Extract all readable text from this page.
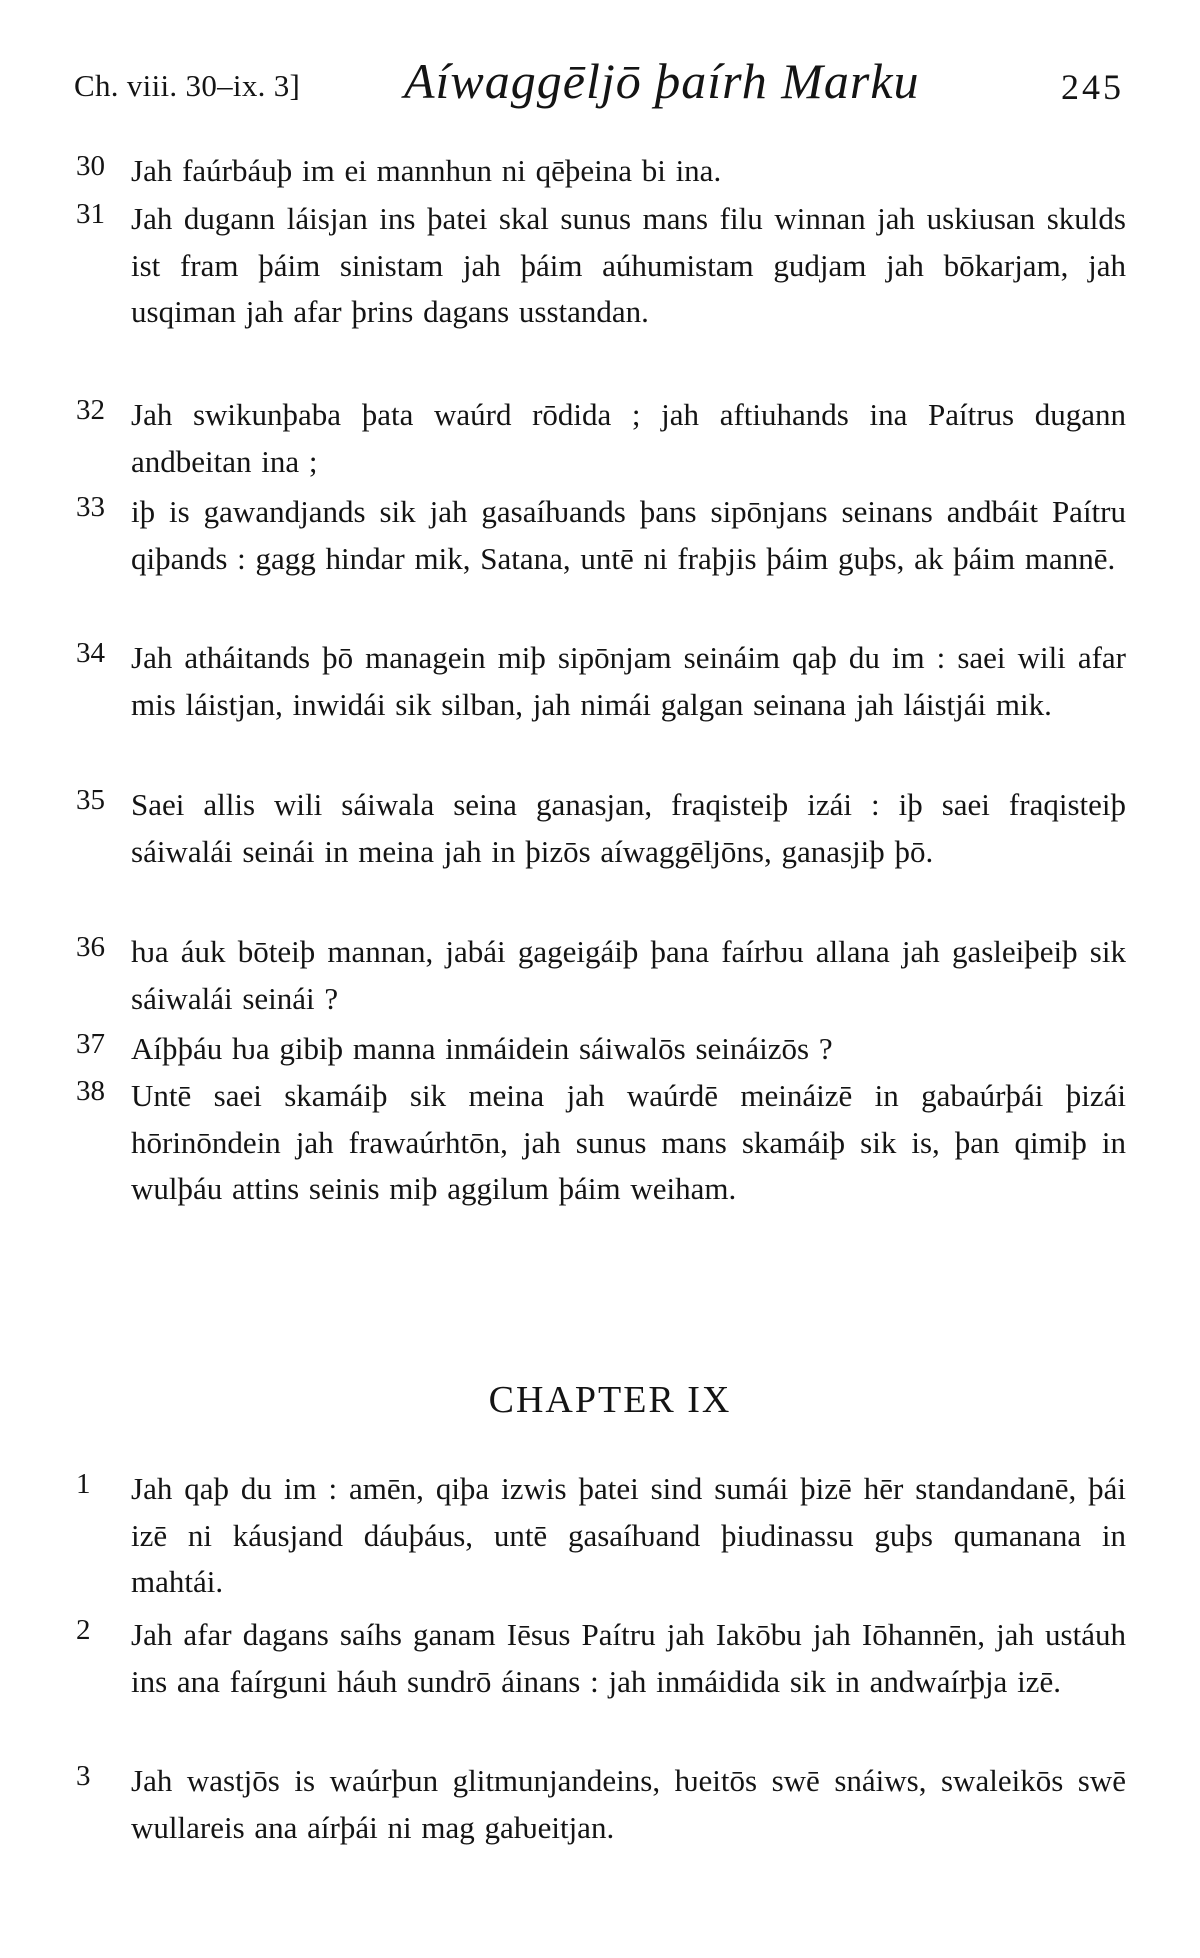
Ch. viii. 30–ix. 3] Aíwaggēljō þaírh Marku	245
30 Jah faúrbáuþ im ei mannhun ni qēþeina bi ina.
31 Jah dugann láisjan ins þatei skal sunus mans filu winnan jah uskiusan skulds ist fram þáim sinistam jah þáim aúhumistam gudjam jah bōkarjam, jah usqiman jah afar þrins dagans usstandan.
32 Jah swikunþaba þata waúrd rōdida ; jah aftiuhands ina Paítrus dugann andbeitan ina ;
33 iþ is gawandjands sik jah gasaíƕands þans sipōnjans seinans andbáit Paítru qiþands : gagg hindar mik, Satana, untē ni fraþjis þáim guþs, ak þáim mannē.
34 Jah atháitands þō managein miþ sipōnjam seináim qaþ du im : saei wili afar mis láistjan, inwidái sik silban, jah nimái galgan seinana jah láistjái mik.
35 Saei allis wili sáiwala seina ganasjan, fraqisteiþ izái : iþ saei fraqisteiþ sáiwalái seinái in meina jah in þizōs aíwaggēljōns, ganasjiþ þō.
36 ƕa áuk bōteiþ mannan, jabái gageigáiþ þana faírƕu allana jah gasleiþeiþ sik sáiwalái seinái ?
37 Aíþþáu ƕa gibiþ manna inmáidein sáiwalōs seináizōs ?
38 Untē saei skamáiþ sik meina jah waúrdē meináizē in gabaúrþái þizái hōrinōndein jah frawaúrhtōn, jah sunus mans skamáiþ sik is, þan qimiþ in wulþáu attins seinis miþ aggilum þáim weiham.
CHAPTER IX
1	Jah qaþ du im : amēn, qiþa izwis þatei sind sumái þizē hēr standandanē, þái izē ni káusjand dáuþáus, untē gasaíƕand þiudinassu guþs qumanana in mahtái.
2	Jah afar dagans saíhs ganam Iēsus Paítru jah Iakōbu jah Iōhannēn, jah ustáuh ins ana faírguni háuh sundrō áinans : jah inmáidida sik in andwaírþja izē.
3	Jah wastjōs is waúrþun glitmunjandeins, ƕeitōs swē snáiws, swaleikōs swē wullareis ana aírþái ni mag gaƕeitjan.
